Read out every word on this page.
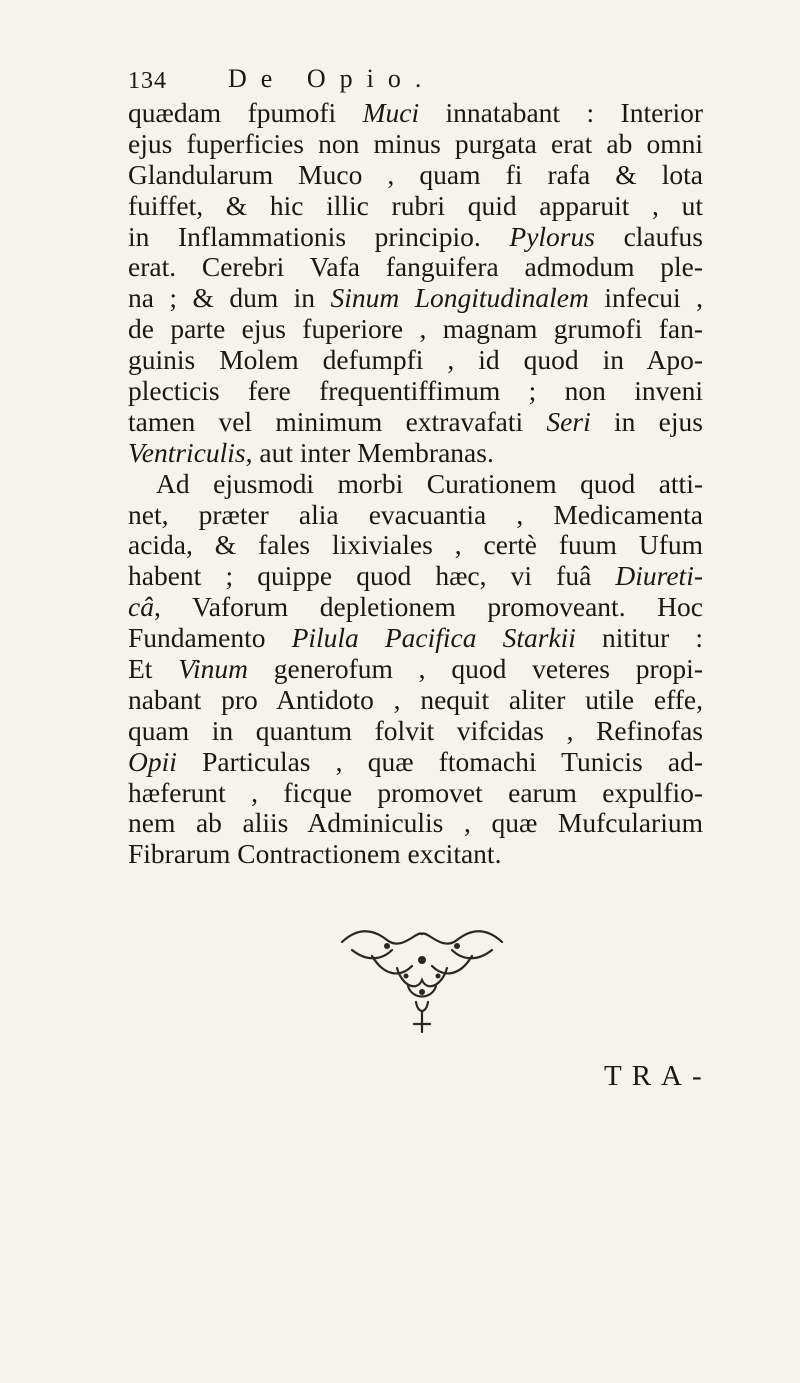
134 De Opio.
quædam fpumofi Muci innatabant : Interior
ejus fuperficies non minus purgata erat ab omni
Glandularum Muco , quam fi rafa & lota
fuiffet, & hic illic rubri quid apparuit , ut
in Inflammationis principio. Pylorus claufus
erat. Cerebri Vafa fanguifera admodum ple-
na ; & dum in Sinum Longitudinalem infecui ,
de parte ejus fuperiore , magnam grumofi fan-
guinis Molem defumpfi , id quod in Apo-
plecticis fere frequentiffimum ; non inveni
tamen vel minimum extravafati Seri in ejus
Ventriculis, aut inter Membranas.
Ad ejusmodi morbi Curationem quod atti-
net, præter alia evacuantia , Medicamenta
acida, & fales lixiviales , certè fuum Ufum
habent ; quippe quod hæc, vi fuâ Diureti-
câ, Vaforum depletionem promoveant. Hoc
Fundamento Pilula Pacifica Starkii nititur :
Et Vinum generofum , quod veteres propi-
nabant pro Antidoto , nequit aliter utile effe,
quam in quantum folvit vifcidas , Refinofas
Opii Particulas , quæ ftomachi Tunicis ad-
hæferunt , ficque promovet earum expulfio-
nem ab aliis Adminiculis , quæ Mufcularium
Fibrarum Contractionem excitant.
TRA-
